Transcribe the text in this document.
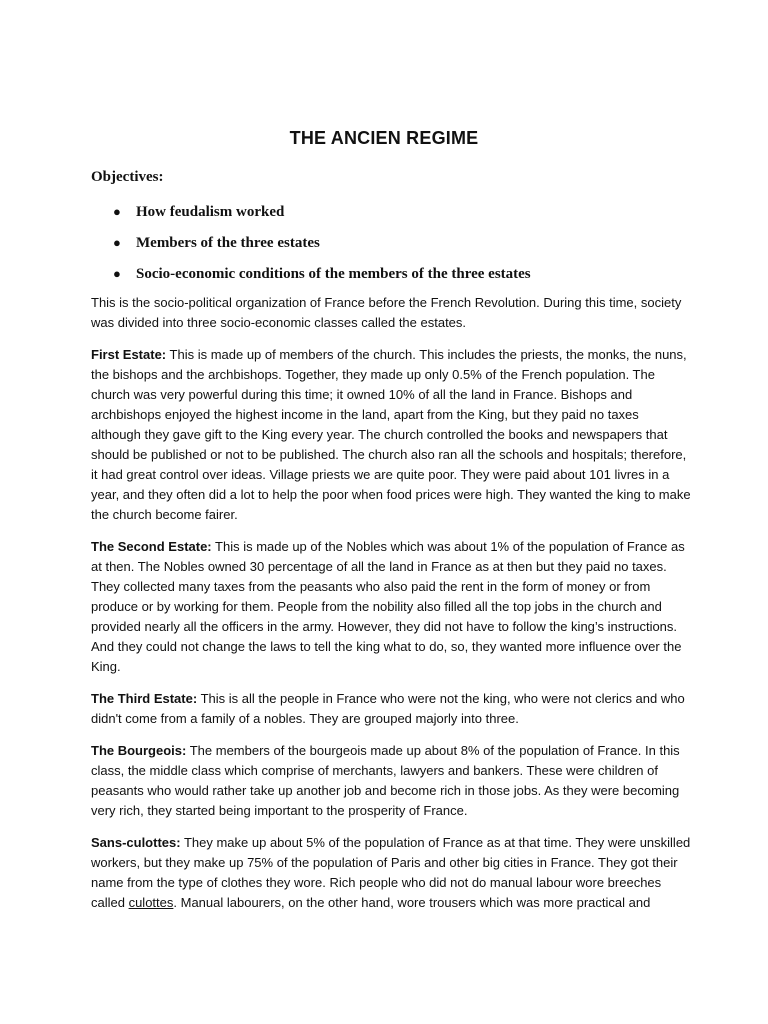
THE ANCIEN REGIME
Objectives:
● How feudalism worked
● Members of the three estates
● Socio-economic conditions of the members of the three estates

This is the socio-political organization of France before the French Revolution. During this time, society was divided into three socio-economic classes called the estates.

First Estate: This is made up of members of the church. This includes the priests, the monks, the nuns, the bishops and the archbishops. Together, they made up only 0.5% of the French population. The church was very powerful during this time; it owned 10% of all the land in France. Bishops and archbishops enjoyed the highest income in the land, apart from the King, but they paid no taxes although they gave gift to the King every year. The church controlled the books and newspapers that should be published or not to be published. The church also ran all the schools and hospitals; therefore, it had great control over ideas. Village priests we are quite poor. They were paid about 101 livres in a year, and they often did a lot to help the poor when food prices were high. They wanted the king to make the church become fairer.

The Second Estate: This is made up of the Nobles which was about 1% of the population of France as at then. The Nobles owned 30 percentage of all the land in France as at then but they paid no taxes. They collected many taxes from the peasants who also paid the rent in the form of money or from produce or by working for them. People from the nobility also filled all the top jobs in the church and provided nearly all the officers in the army. However, they did not have to follow the king’s instructions. And they could not change the laws to tell the king what to do, so, they wanted more influence over the King.

The Third Estate: This is all the people in France who were not the king, who were not clerics and who didn't come from a family of a nobles. They are grouped majorly into three.

The Bourgeois: The members of the bourgeois made up about 8% of the population of France. In this class, the middle class which comprise of merchants, lawyers and bankers. These were children of peasants who would rather take up another job and become rich in those jobs. As they were becoming very rich, they started being important to the prosperity of France.

Sans-culottes: They make up about 5% of the population of France as at that time. They were unskilled workers, but they make up 75% of the population of Paris and other big cities in France. They got their name from the type of clothes they wore. Rich people who did not do manual labour wore breeches called culottes. Manual labourers, on the other hand, wore trousers which was more practical and
